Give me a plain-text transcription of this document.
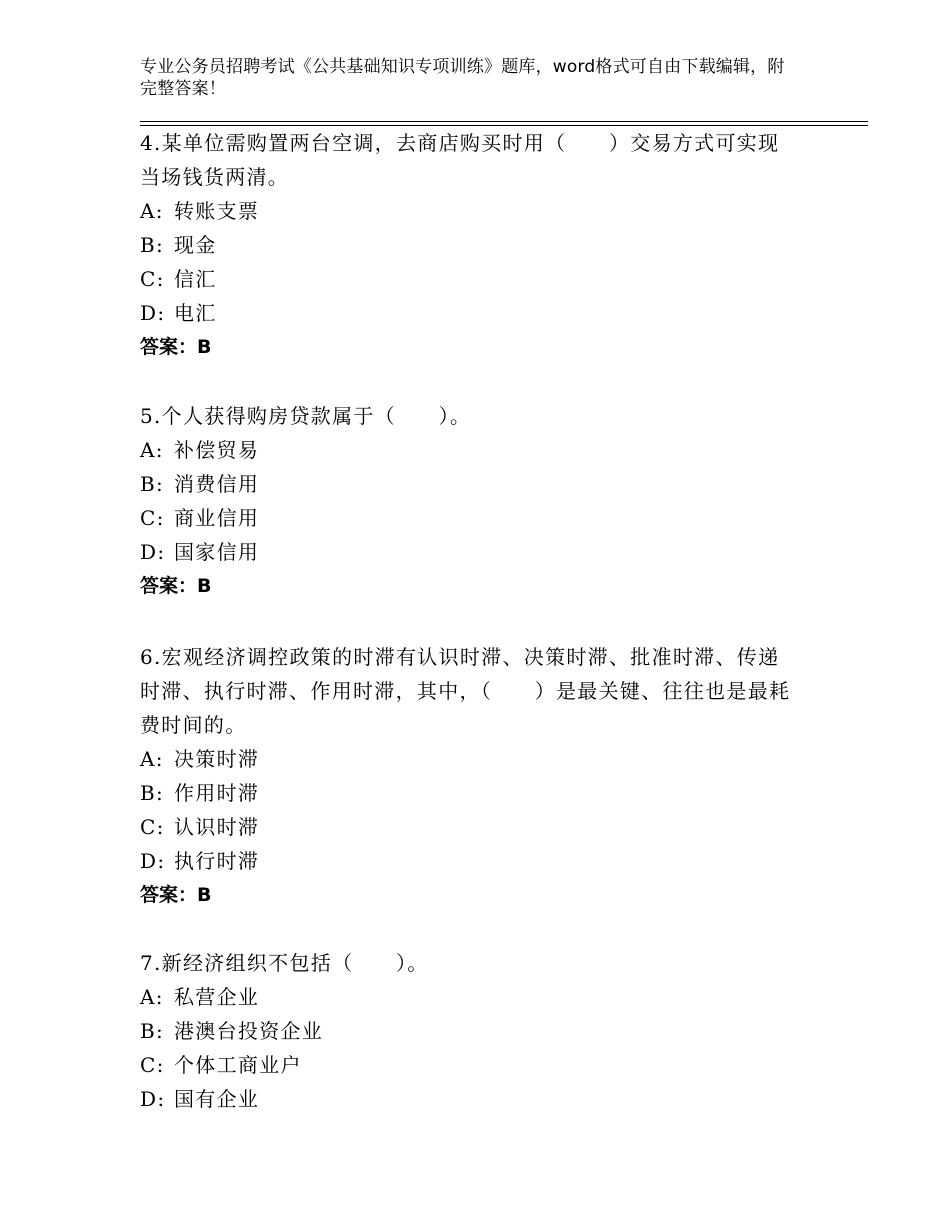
专业公务员招聘考试《公共基础知识专项训练》题库，word格式可自由下载编辑，附完整答案！

4.某单位需购置两台空调，去商店购买时用（　　）交易方式可实现当场钱货两清。

A: 转账支票

B: 现金

C: 信汇

D: 电汇

答案：B

5.个人获得购房贷款属于（　　）。

A: 补偿贸易

B: 消费信用

C: 商业信用

D: 国家信用

答案：B

6.宏观经济调控政策的时滞有认识时滞、决策时滞、批准时滞、传递时滞、执行时滞、作用时滞，其中，（　　）是最关键、往往也是最耗费时间的。

A: 决策时滞

B: 作用时滞

C: 认识时滞

D: 执行时滞

答案：B

7.新经济组织不包括（　　）。

A: 私营企业

B: 港澳台投资企业

C: 个体工商业户

D: 国有企业
